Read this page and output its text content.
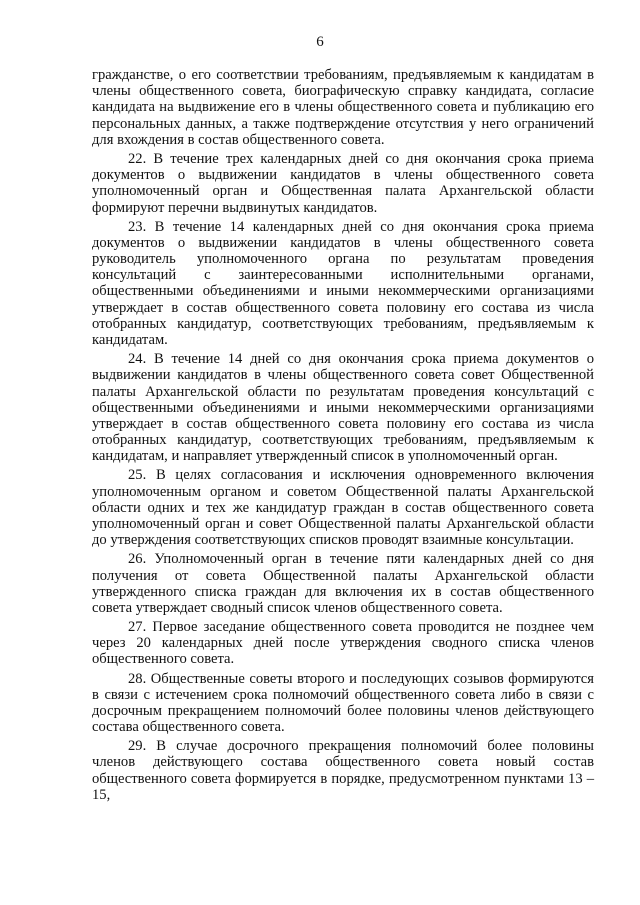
6

гражданстве, о его соответствии требованиям, предъявляемым к кандидатам в члены общественного совета, биографическую справку кандидата, согласие кандидата на выдвижение его в члены общественного совета и публикацию его персональных данных, а также подтверждение отсутствия у него ограничений для вхождения в состав общественного совета.

22. В течение трех календарных дней со дня окончания срока приема документов о выдвижении кандидатов в члены общественного совета уполномоченный орган и Общественная палата Архангельской области формируют перечни выдвинутых кандидатов.

23. В течение 14 календарных дней со дня окончания срока приема документов о выдвижении кандидатов в члены общественного совета руководитель уполномоченного органа по результатам проведения консультаций с заинтересованными исполнительными органами, общественными объединениями и иными некоммерческими организациями утверждает в состав общественного совета половину его состава из числа отобранных кандидатур, соответствующих требованиям, предъявляемым к кандидатам.

24. В течение 14 дней со дня окончания срока приема документов о выдвижении кандидатов в члены общественного совета совет Общественной палаты Архангельской области по результатам проведения консультаций с общественными объединениями и иными некоммерческими организациями утверждает в состав общественного совета половину его состава из числа отобранных кандидатур, соответствующих требованиям, предъявляемым к кандидатам, и направляет утвержденный список в уполномоченный орган.

25. В целях согласования и исключения одновременного включения уполномоченным органом и советом Общественной палаты Архангельской области одних и тех же кандидатур граждан в состав общественного совета уполномоченный орган и совет Общественной палаты Архангельской области до утверждения соответствующих списков проводят взаимные консультации.

26. Уполномоченный орган в течение пяти календарных дней со дня получения от совета Общественной палаты Архангельской области утвержденного списка граждан для включения их в состав общественного совета утверждает сводный список членов общественного совета.

27. Первое заседание общественного совета проводится не позднее чем через 20 календарных дней после утверждения сводного списка членов общественного совета.

28. Общественные советы второго и последующих созывов формируются в связи с истечением срока полномочий общественного совета либо в связи с досрочным прекращением полномочий более половины членов действующего состава общественного совета.

29. В случае досрочного прекращения полномочий более половины членов действующего состава общественного совета новый состав общественного совета формируется в порядке, предусмотренном пунктами 13 – 15,
